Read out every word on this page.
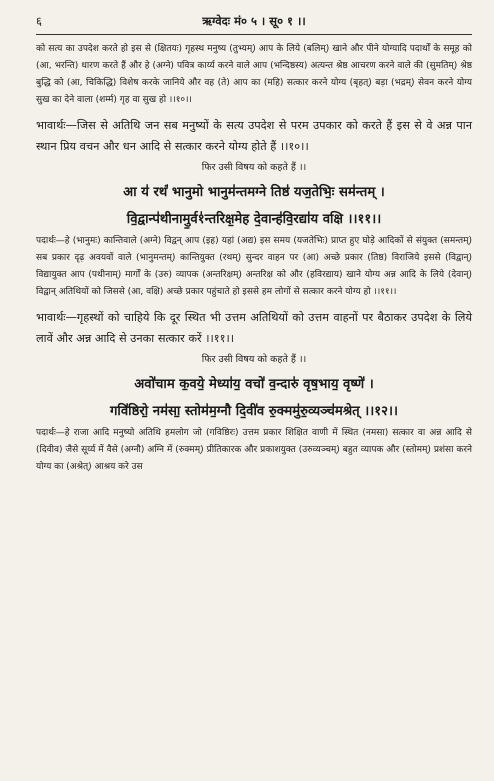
६	ऋग्वेदः मं० ५ । सू० १ ।।

को सत्य का उपदेश करते हो इस से (क्षितयः) गृहस्थ मनुष्य (तुभ्यम्) आप के लिये (बलिम्) खाने और पीने योग्यादि पदार्थों के समूह को (आ, भरन्ति) धारण करते हैं और हे (अग्ने) पवित्र कार्य्य करने वाले आप (भन्दिष्ठस्य) अत्यन्त श्रेष्ठ आचरण करने वाले की (सुमतिम्) श्रेष्ठ बुद्धि को (आ, चिकिद्धि) विशेष करके जानिये और वह (ते) आप का (महि) सत्कार करने योग्य (बृहत्) बड़ा (भद्रम्) सेवन करने योग्य सुख का देने वाला (शर्म्म) गृह वा सुख हो ।।१०।।

भावार्थः—जिस से अतिथि जन सब मनुष्यों के सत्य उपदेश से परम उपकार को करते हैं इस से वे अन्न पान स्थान प्रिय वचन और धन आदि से सत्कार करने योग्य होते हैं ।।१०।।

फिर उसी विषय को कहते हैं ।।

आ य॑ रथं॑ भानुमो भानुम॑न्तमग्ने तिष्ठ॑ यज॒तेभिः॒ सम॑न्तम् ।

वि॒द्वान्प॑थीनामु॒र्व१॑न्तरिक्ष॒मेह दे॒वान्ह॑वि॒रद्या॑य वक्षि ।।११।।

पदार्थः—हे (भानुमः) कान्तिवाले (अग्ने) विद्वन् आप (इह) यहां (अद्य) इस समय (यजतेभिः) प्राप्त हुए घोड़े आदिकों से संयुक्त (समन्तम्) सब प्रकार दृढ़ अवयवों वाले (भानुमन्तम्) कान्तियुक्त (रथम्) सुन्दर वाहन पर (आ) अच्छे प्रकार (तिष्ठ) विराजिये इससे (विद्वान्) विद्यायुक्त आप (पथीनाम्) मार्गों के (उरु) व्यापक (अन्तरिक्षम्) अन्तरिक्ष को और (हविरद्याय) खाने योग्य अन्न आदि के लिये (देवान्) विद्वान् अतिथियों को जिससे (आ, वक्षि) अच्छे प्रकार पहुंचाते हो इससे हम लोगों से सत्कार करने योग्य हो ।।११।।

भावार्थः—गृहस्थों को चाहिये कि दूर स्थित भी उत्तम अतिथियों को उत्तम वाहनों पर बैठाकर उपदेश के लिये लावें और अन्न आदि से उनका सत्कार करें ।।११।।

फिर उसी विषय को कहते हैं ।।

अवो॑चाम क॒वये॒ मेध्या॑य॒ वचो॑ व॒न्दारु॑ वृष॒भाय॒ वृष्णे॑ ।

गवि॑ष्ठिरो॒ नम॑सा॒ स्तोम॑म॒ग्नौ दि॒वी॑व रु॒क्ममु॑रु॒व्यञ्च॑मश्रेत् ।।१२।।

पदार्थः—हे राजा आदि मनुष्यो अतिथि हमलोग जो (गविष्ठिरः) उत्तम प्रकार शिक्षित वाणी में स्थित (नमसा) सत्कार वा अन्न आदि से (दिवीव) जैसे सूर्य्य में वैसे (अग्नौ) अग्नि में (रुक्मम्) प्रीतिकारक और प्रकाशयुक्त (उरुव्यञ्चम्) बहुत व्यापक और (स्तोमम्) प्रशंसा करने योग्य का (अश्रेत्) आश्रय करे उस
